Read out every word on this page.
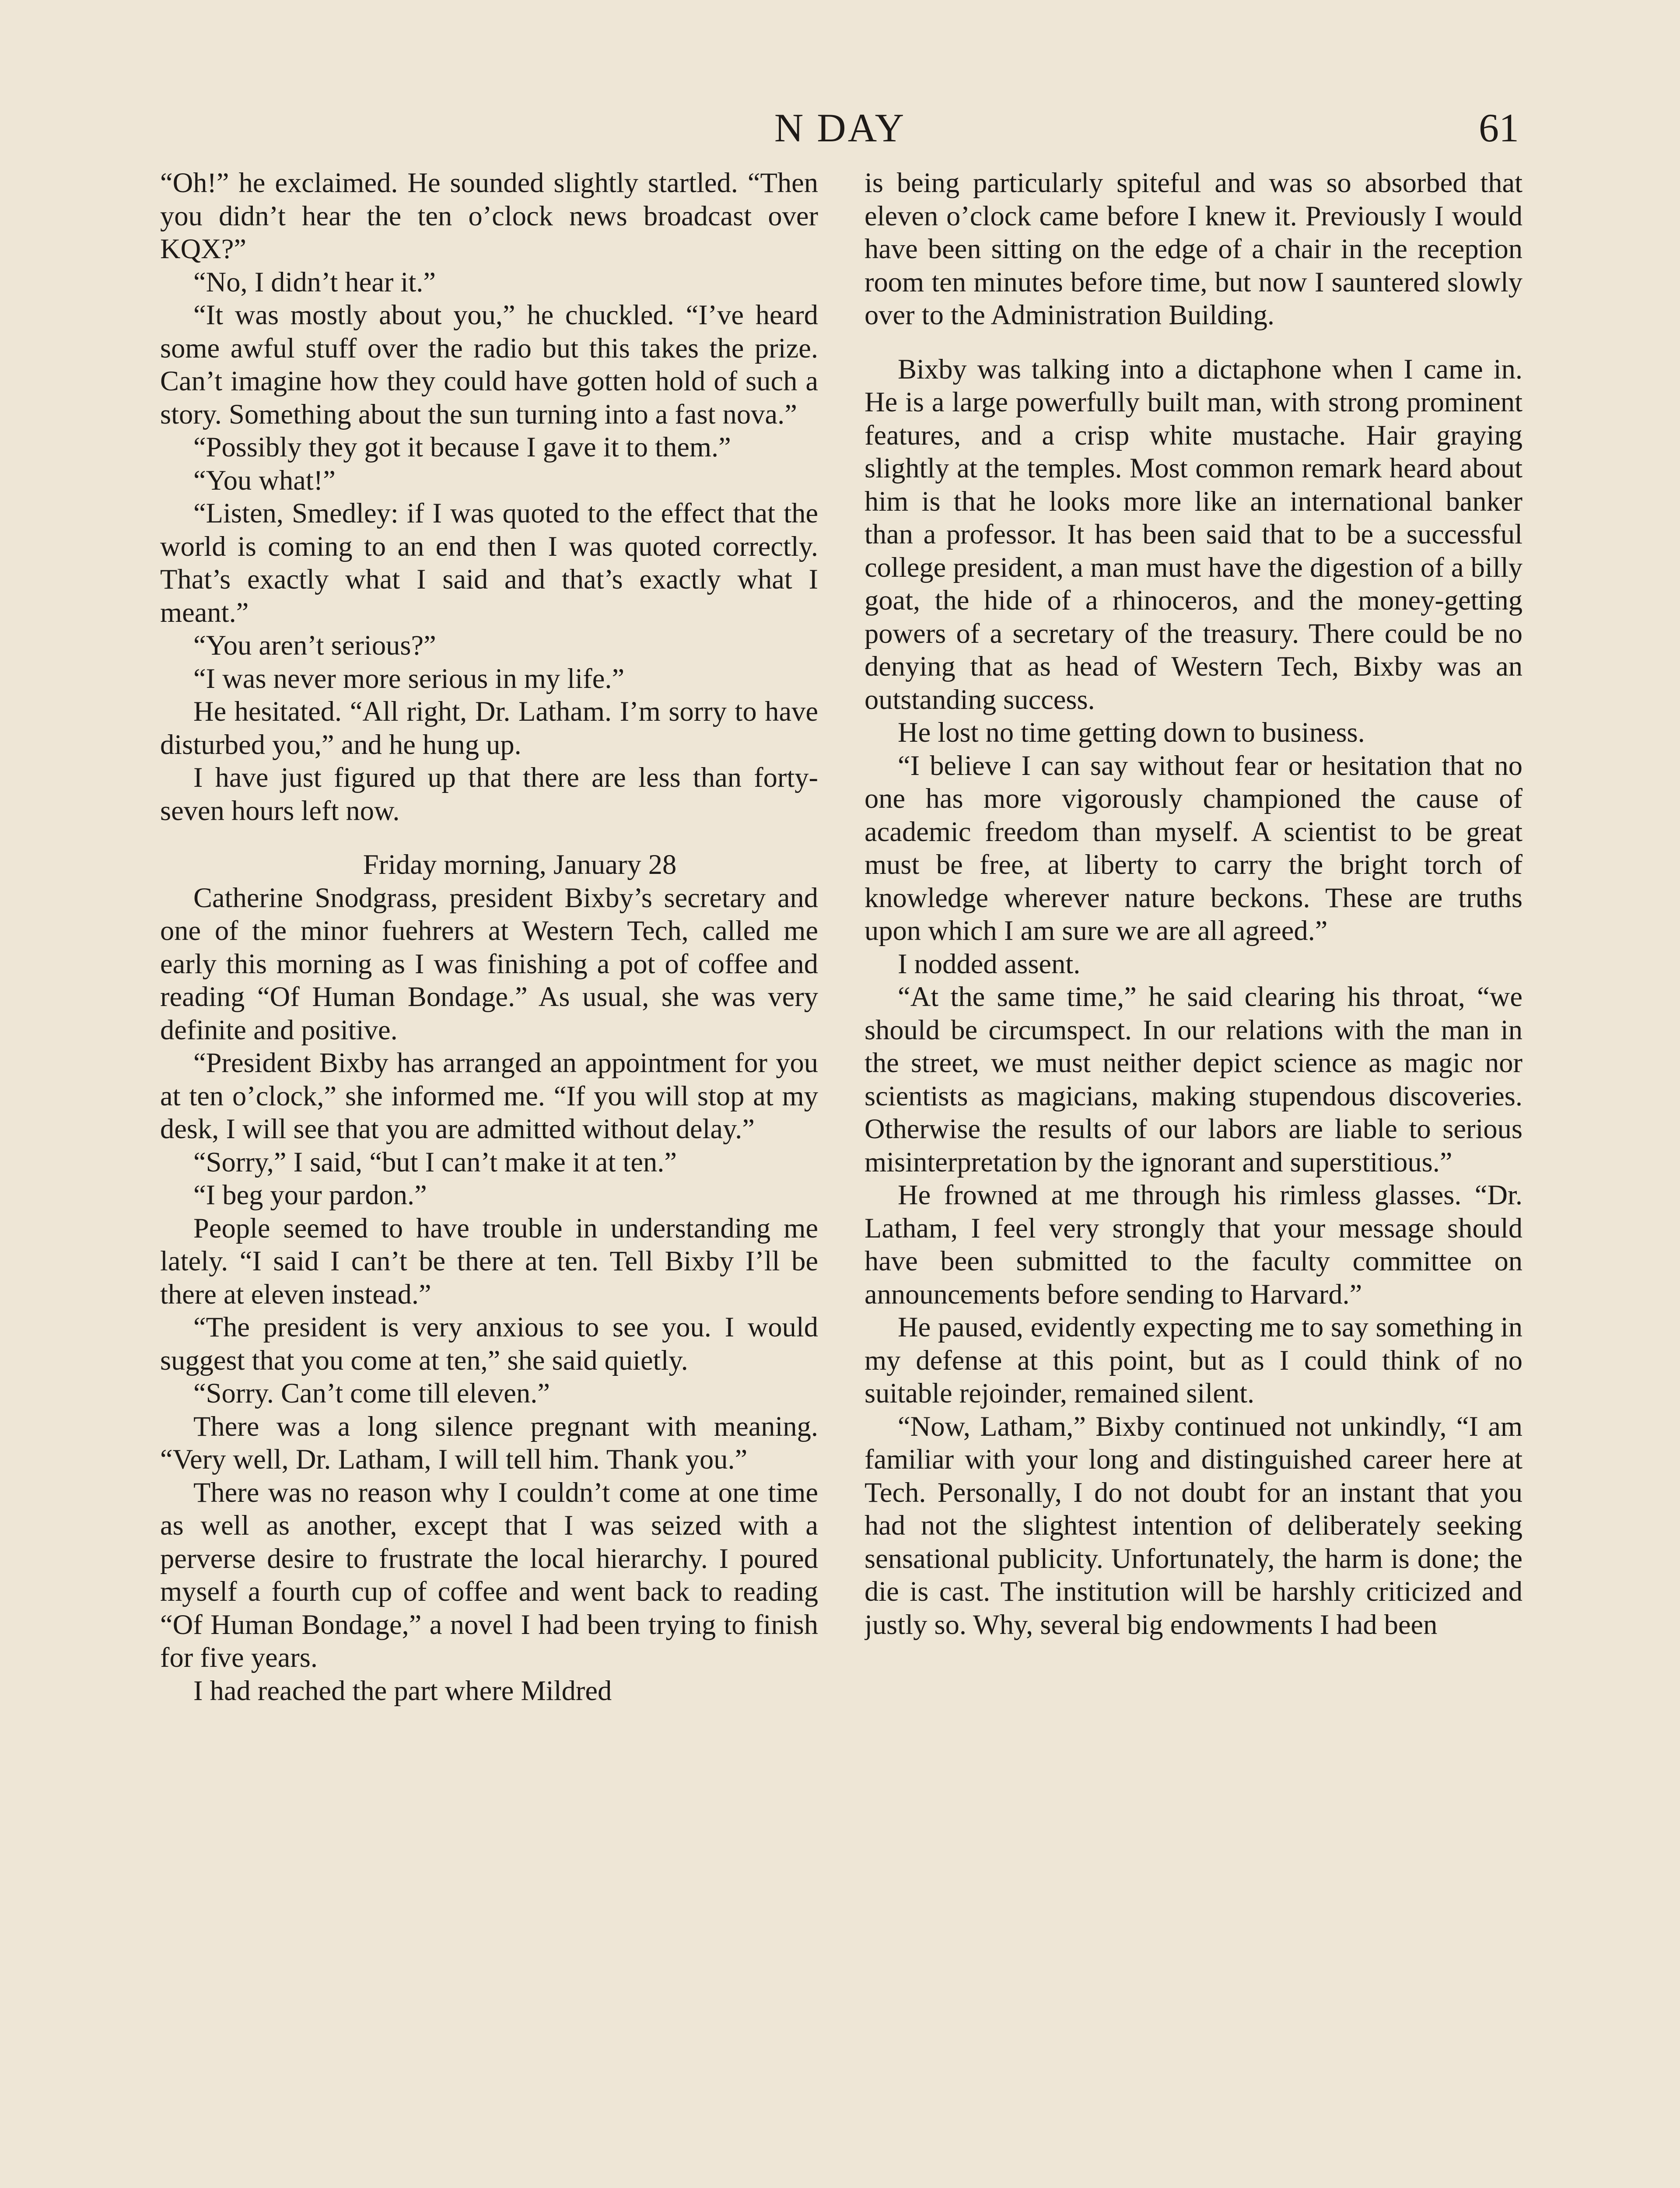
N DAY	61

“Oh!” he exclaimed. He sounded slightly startled. “Then you didn’t hear the ten o’clock news broadcast over KQX?”

“No, I didn’t hear it.”

“It was mostly about you,” he chuckled. “I’ve heard some awful stuff over the radio but this takes the prize. Can’t imagine how they could have gotten hold of such a story. Something about the sun turning into a fast nova.”

“Possibly they got it because I gave it to them.”

“You what!”

“Listen, Smedley: if I was quoted to the effect that the world is coming to an end then I was quoted correctly. That’s exactly what I said and that’s exactly what I meant.”

“You aren’t serious?”

“I was never more serious in my life.”

He hesitated. “All right, Dr. Latham. I’m sorry to have disturbed you,” and he hung up.

I have just figured up that there are less than forty-seven hours left now.

Friday morning, January 28

Catherine Snodgrass, president Bixby’s secretary and one of the minor fuehrers at Western Tech, called me early this morning as I was finishing a pot of coffee and reading “Of Human Bondage.” As usual, she was very definite and positive.

“President Bixby has arranged an appointment for you at ten o’clock,” she informed me. “If you will stop at my desk, I will see that you are admitted without delay.”

“Sorry,” I said, “but I can’t make it at ten.”

“I beg your pardon.”

People seemed to have trouble in understanding me lately. “I said I can’t be there at ten. Tell Bixby I’ll be there at eleven instead.”

“The president is very anxious to see you. I would suggest that you come at ten,” she said quietly.

“Sorry. Can’t come till eleven.”

There was a long silence pregnant with meaning. “Very well, Dr. Latham, I will tell him. Thank you.”

There was no reason why I couldn’t come at one time as well as another, except that I was seized with a perverse desire to frustrate the local hierarchy. I poured myself a fourth cup of coffee and went back to reading “Of Human Bondage,” a novel I had been trying to finish for five years.

I had reached the part where Mildred

is being particularly spiteful and was so absorbed that eleven o’clock came before I knew it. Previously I would have been sitting on the edge of a chair in the reception room ten minutes before time, but now I sauntered slowly over to the Administration Building.

Bixby was talking into a dictaphone when I came in. He is a large powerfully built man, with strong prominent features, and a crisp white mustache. Hair graying slightly at the temples. Most common remark heard about him is that he looks more like an international banker than a professor. It has been said that to be a successful college president, a man must have the digestion of a billy goat, the hide of a rhinoceros, and the money-getting powers of a secretary of the treasury. There could be no denying that as head of Western Tech, Bixby was an outstanding success.

He lost no time getting down to business.

“I believe I can say without fear or hesitation that no one has more vigorously championed the cause of academic freedom than myself. A scientist to be great must be free, at liberty to carry the bright torch of knowledge wherever nature beckons. These are truths upon which I am sure we are all agreed.”

I nodded assent.

“At the same time,” he said clearing his throat, “we should be circumspect. In our relations with the man in the street, we must neither depict science as magic nor scientists as magicians, making stupendous discoveries. Otherwise the results of our labors are liable to serious misinterpretation by the ignorant and superstitious.”

He frowned at me through his rimless glasses. “Dr. Latham, I feel very strongly that your message should have been submitted to the faculty committee on announcements before sending to Harvard.”

He paused, evidently expecting me to say something in my defense at this point, but as I could think of no suitable rejoinder, remained silent.

“Now, Latham,” Bixby continued not unkindly, “I am familiar with your long and distinguished career here at Tech. Personally, I do not doubt for an instant that you had not the slightest intention of deliberately seeking sensational publicity. Unfortunately, the harm is done; the die is cast. The institution will be harshly criticized and justly so. Why, several big endowments I had been
